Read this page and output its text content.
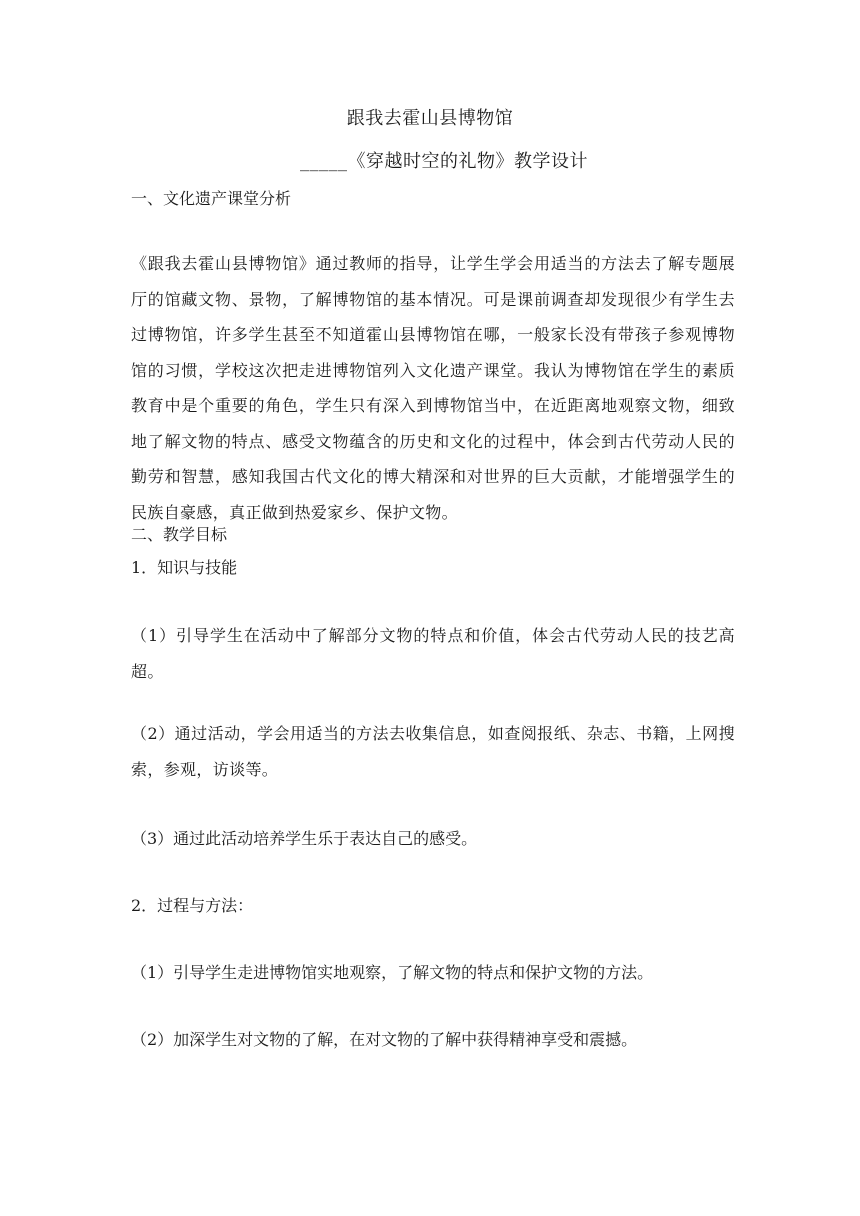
跟我去霍山县博物馆
_____《穿越时空的礼物》教学设计
一、文化遗产课堂分析
《跟我去霍山县博物馆》通过教师的指导，让学生学会用适当的方法去了解专题展厅的馆藏文物、景物，了解博物馆的基本情况。可是课前调查却发现很少有学生去过博物馆，许多学生甚至不知道霍山县博物馆在哪，一般家长没有带孩子参观博物馆的习惯，学校这次把走进博物馆列入文化遗产课堂。我认为博物馆在学生的素质教育中是个重要的角色，学生只有深入到博物馆当中，在近距离地观察文物，细致地了解文物的特点、感受文物蕴含的历史和文化的过程中，体会到古代劳动人民的勤劳和智慧，感知我国古代文化的博大精深和对世界的巨大贡献，才能增强学生的民族自豪感，真正做到热爱家乡、保护文物。
二、教学目标
1．知识与技能
（1）引导学生在活动中了解部分文物的特点和价值，体会古代劳动人民的技艺高超。
（2）通过活动，学会用适当的方法去收集信息，如查阅报纸、杂志、书籍，上网搜索，参观，访谈等。
（3）通过此活动培养学生乐于表达自己的感受。
2．过程与方法：
（1）引导学生走进博物馆实地观察，了解文物的特点和保护文物的方法。
（2）加深学生对文物的了解，在对文物的了解中获得精神享受和震撼。
